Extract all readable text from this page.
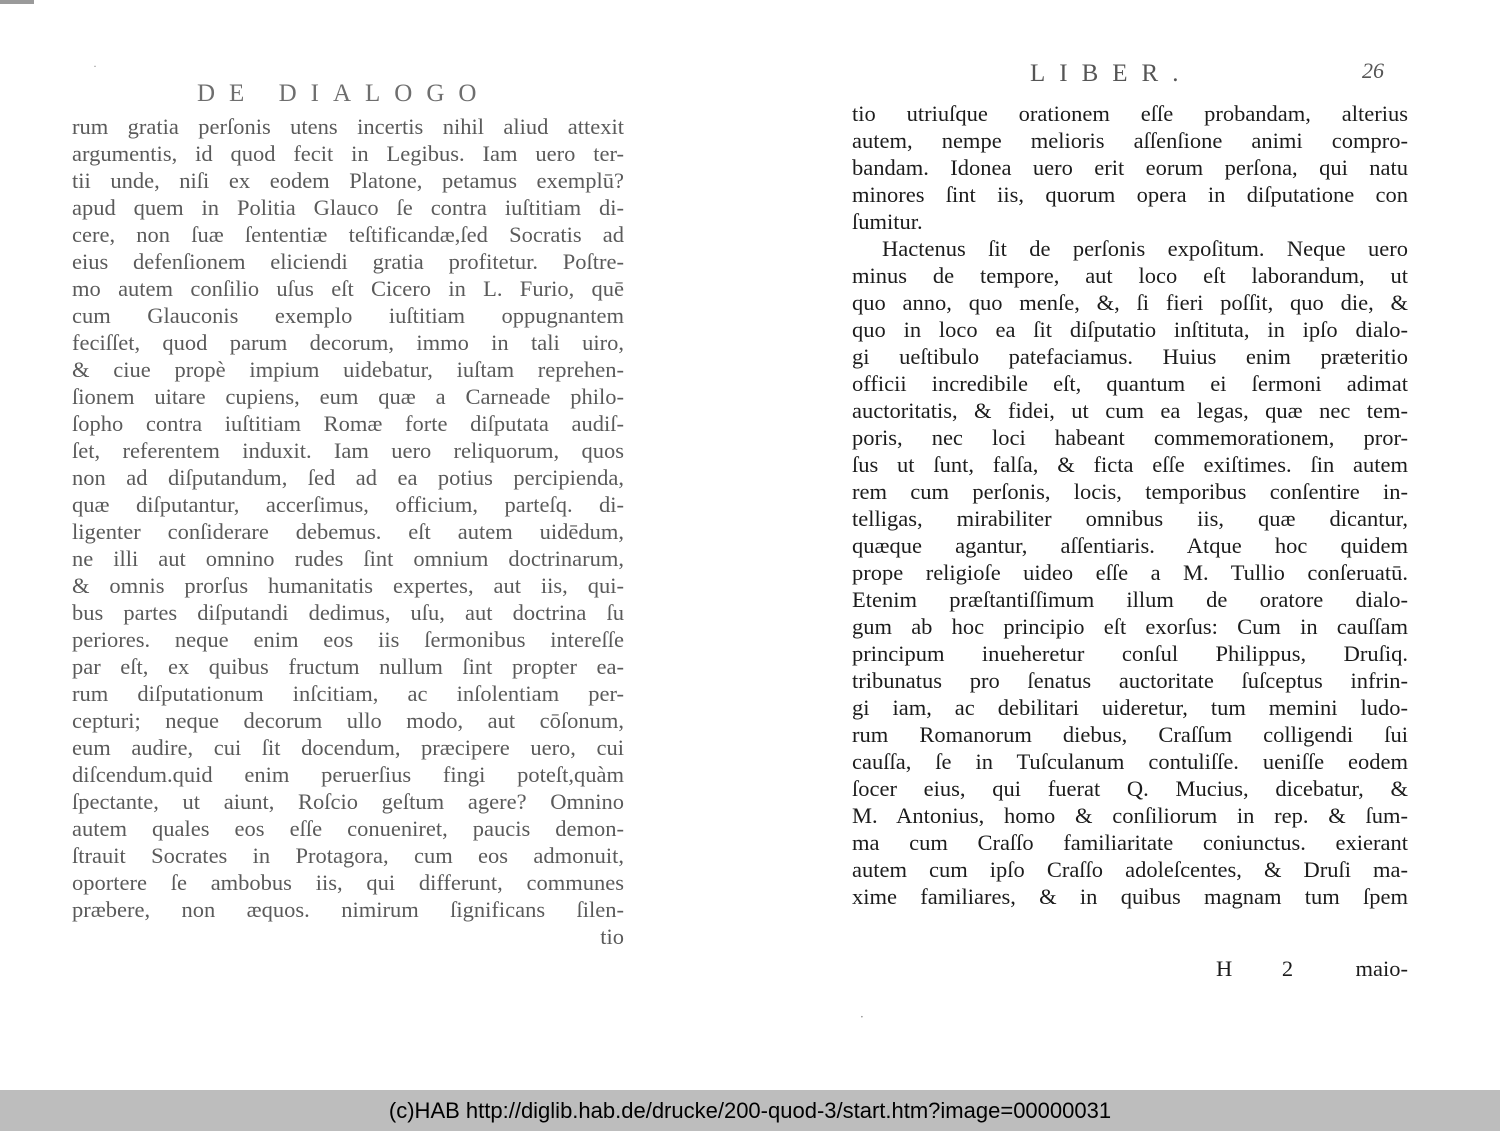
˙
DE DIALOGO
rum gratia perſonis utens incertis nihil aliud attexit
argumentis, id quod fecit in Legibus. Iam uero ter-
tii unde, niſi ex eodem Platone, petamus exemplū?
apud quem in Politia Glauco ſe contra iuſtitiam di-
cere, non ſuæ ſententiæ teſtificandæ,ſed Socratis ad
eius defenſionem eliciendi gratia profitetur. Poſtre-
mo autem conſilio uſus eſt Cicero in L. Furio, quē
cum Glauconis exemplo iuſtitiam oppugnantem
feciſſet, quod parum decorum, immo in tali uiro,
& ciue propè impium uidebatur, iuſtam reprehen-
ſionem uitare cupiens, eum quæ a Carneade philo-
ſopho contra iuſtitiam Romæ forte diſputata audiſ-
ſet, referentem induxit. Iam uero reliquorum, quos
non ad diſputandum, ſed ad ea potius percipienda,
quæ diſputantur, accerſimus, officium, parteſq. di-
ligenter conſiderare debemus. eſt autem uidēdum,
ne illi aut omnino rudes ſint omnium doctrinarum,
& omnis prorſus humanitatis expertes, aut iis, qui-
bus partes diſputandi dedimus, uſu, aut doctrina ſu
periores. neque enim eos iis ſermonibus intereſſe
par eſt, ex quibus fructum nullum ſint propter ea-
rum diſputationum inſcitiam, ac inſolentiam per-
cepturi; neque decorum ullo modo, aut cōſonum,
eum audire, cui ſit docendum, præcipere uero, cui
diſcendum.quid enim peruerſius fingi poteſt,quàm
ſpectante, ut aiunt, Roſcio geſtum agere? Omnino
autem quales eos eſſe conueniret, paucis demon-
ſtrauit Socrates in Protagora, cum eos admonuit,
oportere ſe ambobus iis, qui differunt, communes
præbere, non æquos. nimirum ſignificans ſilen-
tio
LIBER.	26
tio utriuſque orationem eſſe probandam, alterius
autem, nempe melioris aſſenſione animi compro-
bandam. Idonea uero erit eorum perſona, qui natu
minores ſint iis, quorum opera in diſputatione con
ſumitur.
Hactenus ſit de perſonis expoſitum. Neque uero
minus de tempore, aut loco eſt laborandum, ut
quo anno, quo menſe, &, ſi fieri poſſit, quo die, &
quo in loco ea ſit diſputatio inſtituta, in ipſo dialo-
gi ueſtibulo patefaciamus. Huius enim præteritio
officii incredibile eſt, quantum ei ſermoni adimat
auctoritatis, & fidei, ut cum ea legas, quæ nec tem-
poris, nec loci habeant commemorationem, pror-
ſus ut ſunt, falſa, & ficta eſſe exiſtimes. ſin autem
rem cum perſonis, locis, temporibus conſentire in-
telligas, mirabiliter omnibus iis, quæ dicantur,
quæque agantur, aſſentiaris. Atque hoc quidem
prope religioſe uideo eſſe a M. Tullio conſeruatū.
Etenim præſtantiſſimum illum de oratore dialo-
gum ab hoc principio eſt exorſus: Cum in cauſſam
principum inueheretur conſul Philippus, Druſiq.
tribunatus pro ſenatus auctoritate ſuſceptus infrin-
gi iam, ac debilitari uideretur, tum memini ludo-
rum Romanorum diebus, Craſſum colligendi ſui
cauſſa, ſe in Tuſculanum contuliſſe. ueniſſe eodem
ſocer eius, qui fuerat Q. Mucius, dicebatur, &
M. Antonius, homo & conſiliorum in rep. & ſum-
ma cum Craſſo familiaritate coniunctus. exierant
autem cum ipſo Craſſo adoleſcentes, & Druſi ma-
xime familiares, & in quibus magnam tum ſpem
H 2 maio-
·
(c)HAB http://diglib.hab.de/drucke/200-quod-3/start.htm?image=00000031
